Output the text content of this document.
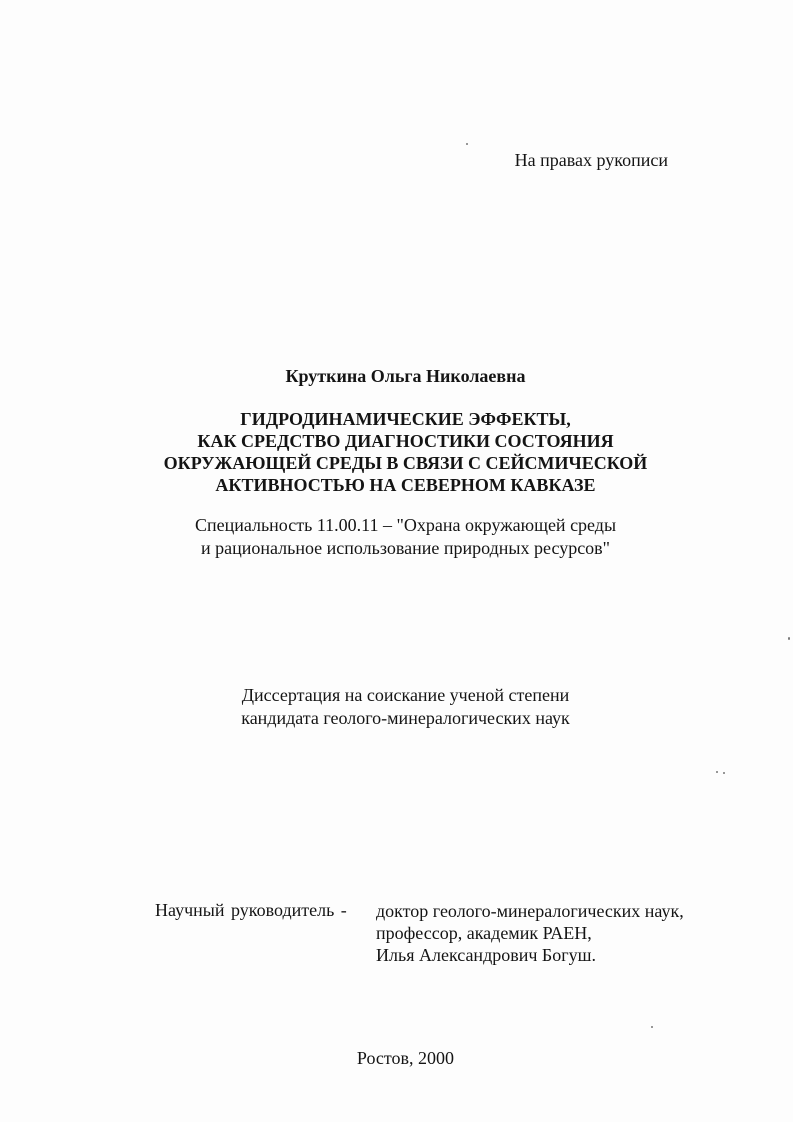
На правах рукописи
Круткина Ольга Николаевна
ГИДРОДИНАМИЧЕСКИЕ ЭФФЕКТЫ,
КАК СРЕДСТВО ДИАГНОСТИКИ СОСТОЯНИЯ
ОКРУЖАЮЩЕЙ СРЕДЫ В СВЯЗИ С СЕЙСМИЧЕСКОЙ
АКТИВНОСТЬЮ НА СЕВЕРНОМ КАВКАЗЕ
Специальность 11.00.11 – "Охрана окружающей среды
и рациональное использование природных ресурсов"
Диссертация на соискание ученой степени
кандидата геолого-минералогических наук
Научный руководитель - доктор геолого-минералогических наук,
профессор, академик РАЕН,
Илья Александрович Богуш.
Ростов, 2000
